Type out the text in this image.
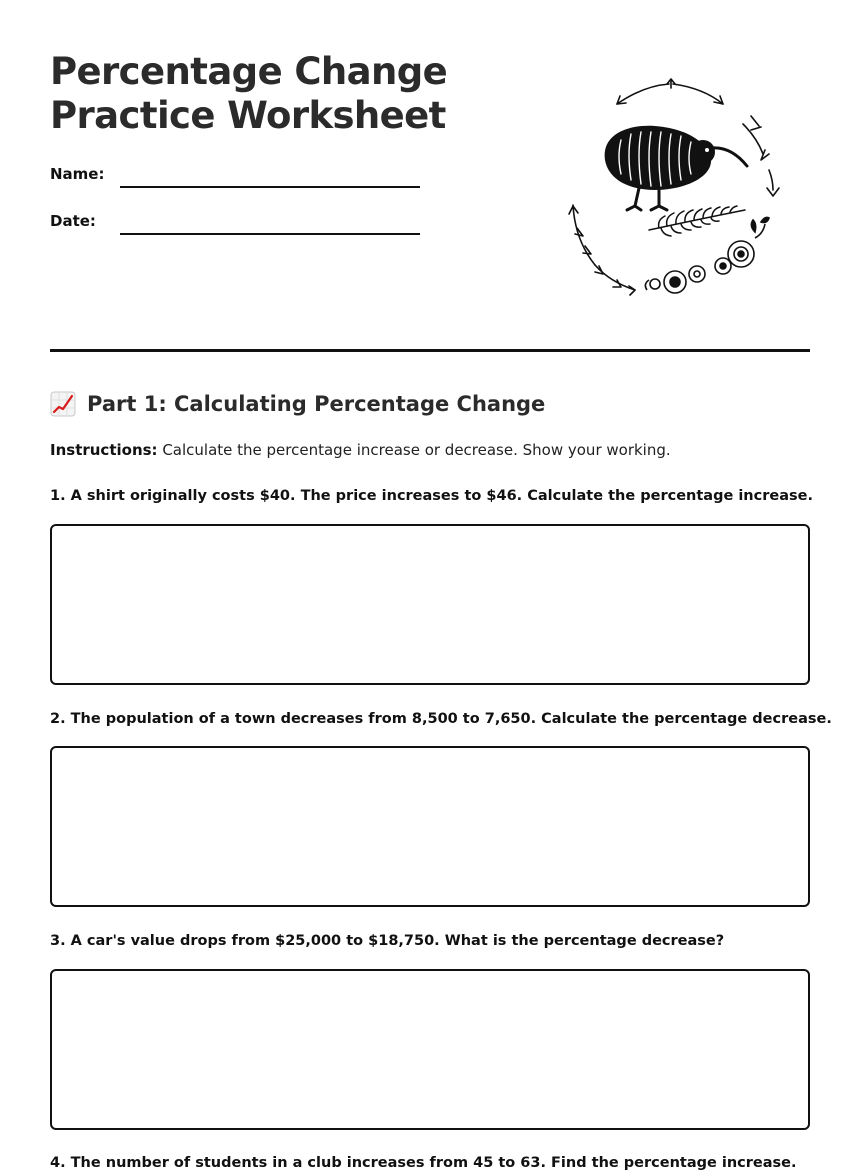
Percentage Change
Practice Worksheet
Name:
Date:
Part 1: Calculating Percentage Change
Instructions: Calculate the percentage increase or decrease. Show your working.
1. A shirt originally costs $40. The price increases to $46. Calculate the percentage increase.
2. The population of a town decreases from 8,500 to 7,650. Calculate the percentage decrease.
3. A car's value drops from $25,000 to $18,750. What is the percentage decrease?
4. The number of students in a club increases from 45 to 63. Find the percentage increase.
